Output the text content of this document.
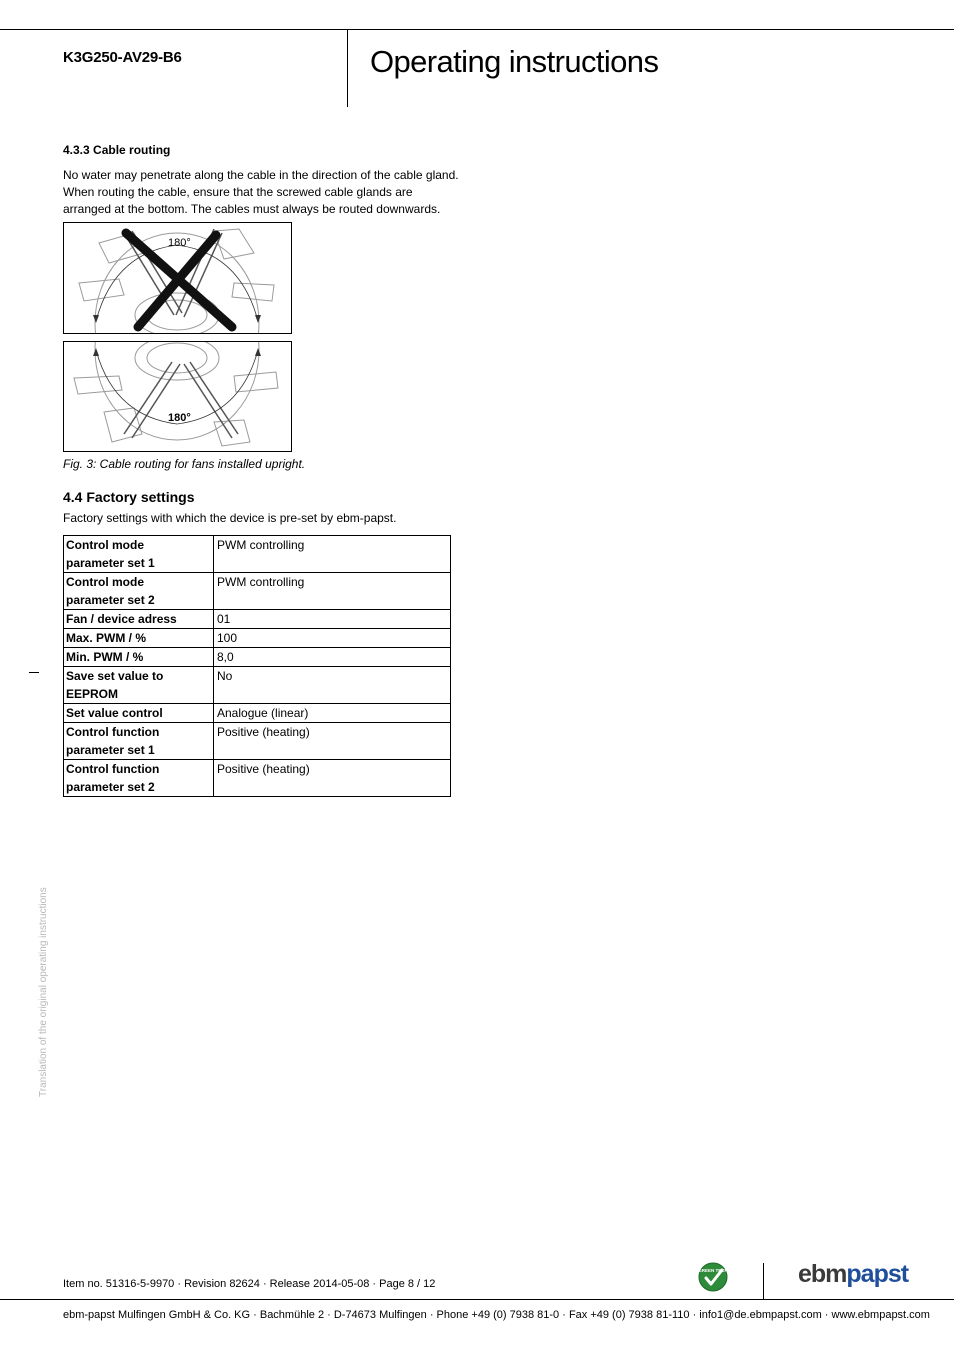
K3G250-AV29-B6	Operating instructions
4.3.3 Cable routing
No water may penetrate along the cable in the direction of the cable gland.
When routing the cable, ensure that the screwed cable glands are
arranged at the bottom. The cables must always be routed downwards.
180°
180°
Fig. 3: Cable routing for fans installed upright.
4.4 Factory settings
Factory settings with which the device is pre-set by ebm-papst.
Control mode
parameter set 1	PWM controlling

Control mode
parameter set 2	PWM controlling

Fan / device adress	01

Max. PWM / %	100

Min. PWM / %	8,0

Save set value to
EEPROM	No

Set value control	Analogue (linear)

Control function
parameter set 1	Positive (heating)

Control function
parameter set 2	Positive (heating)
Translation of the original operating instructions
Item no. 51316-5-9970 · Revision 82624 · Release 2014-05-08 · Page 8 / 12
GREEN TECH	ebmpapst
ebm-papst Mulfingen GmbH & Co. KG · Bachmühle 2 · D-74673 Mulfingen · Phone +49 (0) 7938 81-0 · Fax +49 (0) 7938 81-110 · info1@de.ebmpapst.com · www.ebmpapst.com
